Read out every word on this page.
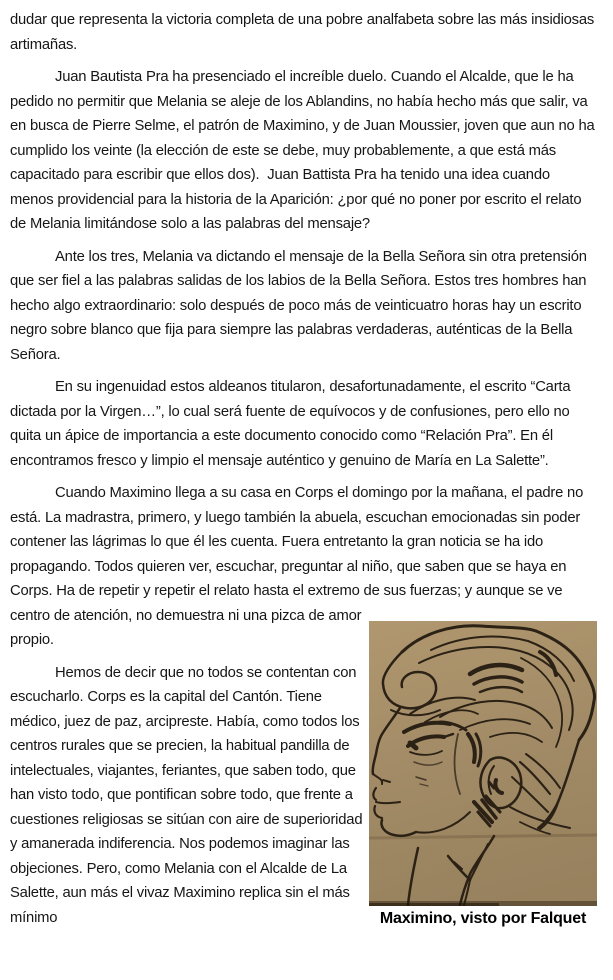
dudar que representa la victoria completa de una pobre analfabeta sobre las más insidiosas artimañas.

Juan Bautista Pra ha presenciado el increíble duelo. Cuando el Alcalde, que le ha pedido no permitir que Melania se aleje de los Ablandins, no había hecho más que salir, va en busca de Pierre Selme, el patrón de Maximino, y de Juan Moussier, joven que aun no ha cumplido los veinte (la elección de este se debe, muy probablemente, a que está más capacitado para escribir que ellos dos).  Juan Battista Pra ha tenido una idea cuando menos providencial para la historia de la Aparición: ¿por qué no poner por escrito el relato de Melania limitándose solo a las palabras del mensaje?

Ante los tres, Melania va dictando el mensaje de la Bella Señora sin otra pretensión que ser fiel a las palabras salidas de los labios de la Bella Señora. Estos tres hombres han hecho algo extraordinario: solo después de poco más de veinticuatro horas hay un escrito negro sobre blanco que fija para siempre las palabras verdaderas, auténticas de la Bella Señora.

En su ingenuidad estos aldeanos titularon, desafortunadamente, el escrito “Carta dictada por la Virgen…”, lo cual será fuente de equívocos y de confusiones, pero ello no quita un ápice de importancia a este documento conocido como “Relación Pra”. En él encontramos fresco y limpio el mensaje auténtico y genuino de María en La Salette”.

Maximino, visto por Falquet

Cuando Maximino llega a su casa en Corps el domingo por la mañana, el padre no está. La madrastra, primero, y luego también la abuela, escuchan emocionadas sin poder contener las lágrimas lo que él les cuenta. Fuera entretanto la gran noticia se ha ido propagando. Todos quieren ver, escuchar, preguntar al niño, que saben que se haya en Corps. Ha de repetir y repetir el relato hasta el extremo de sus fuerzas; y aunque se ve centro de atención, no demuestra ni una pizca de amor propio.

Hemos de decir que no todos se contentan con escucharlo. Corps es la capital del Cantón. Tiene médico, juez de paz, arcipreste. Había, como todos los centros rurales que se precien, la habitual pandilla de intelectuales, viajantes, feriantes, que saben todo, que han visto todo, que pontifican sobre todo, que frente a cuestiones religiosas se sitúan con aire de superioridad y amanerada indiferencia. Nos podemos imaginar las objeciones. Pero, como Melania con el Alcalde de La Salette, aun más el vivaz Maximino replica sin el más mínimo
